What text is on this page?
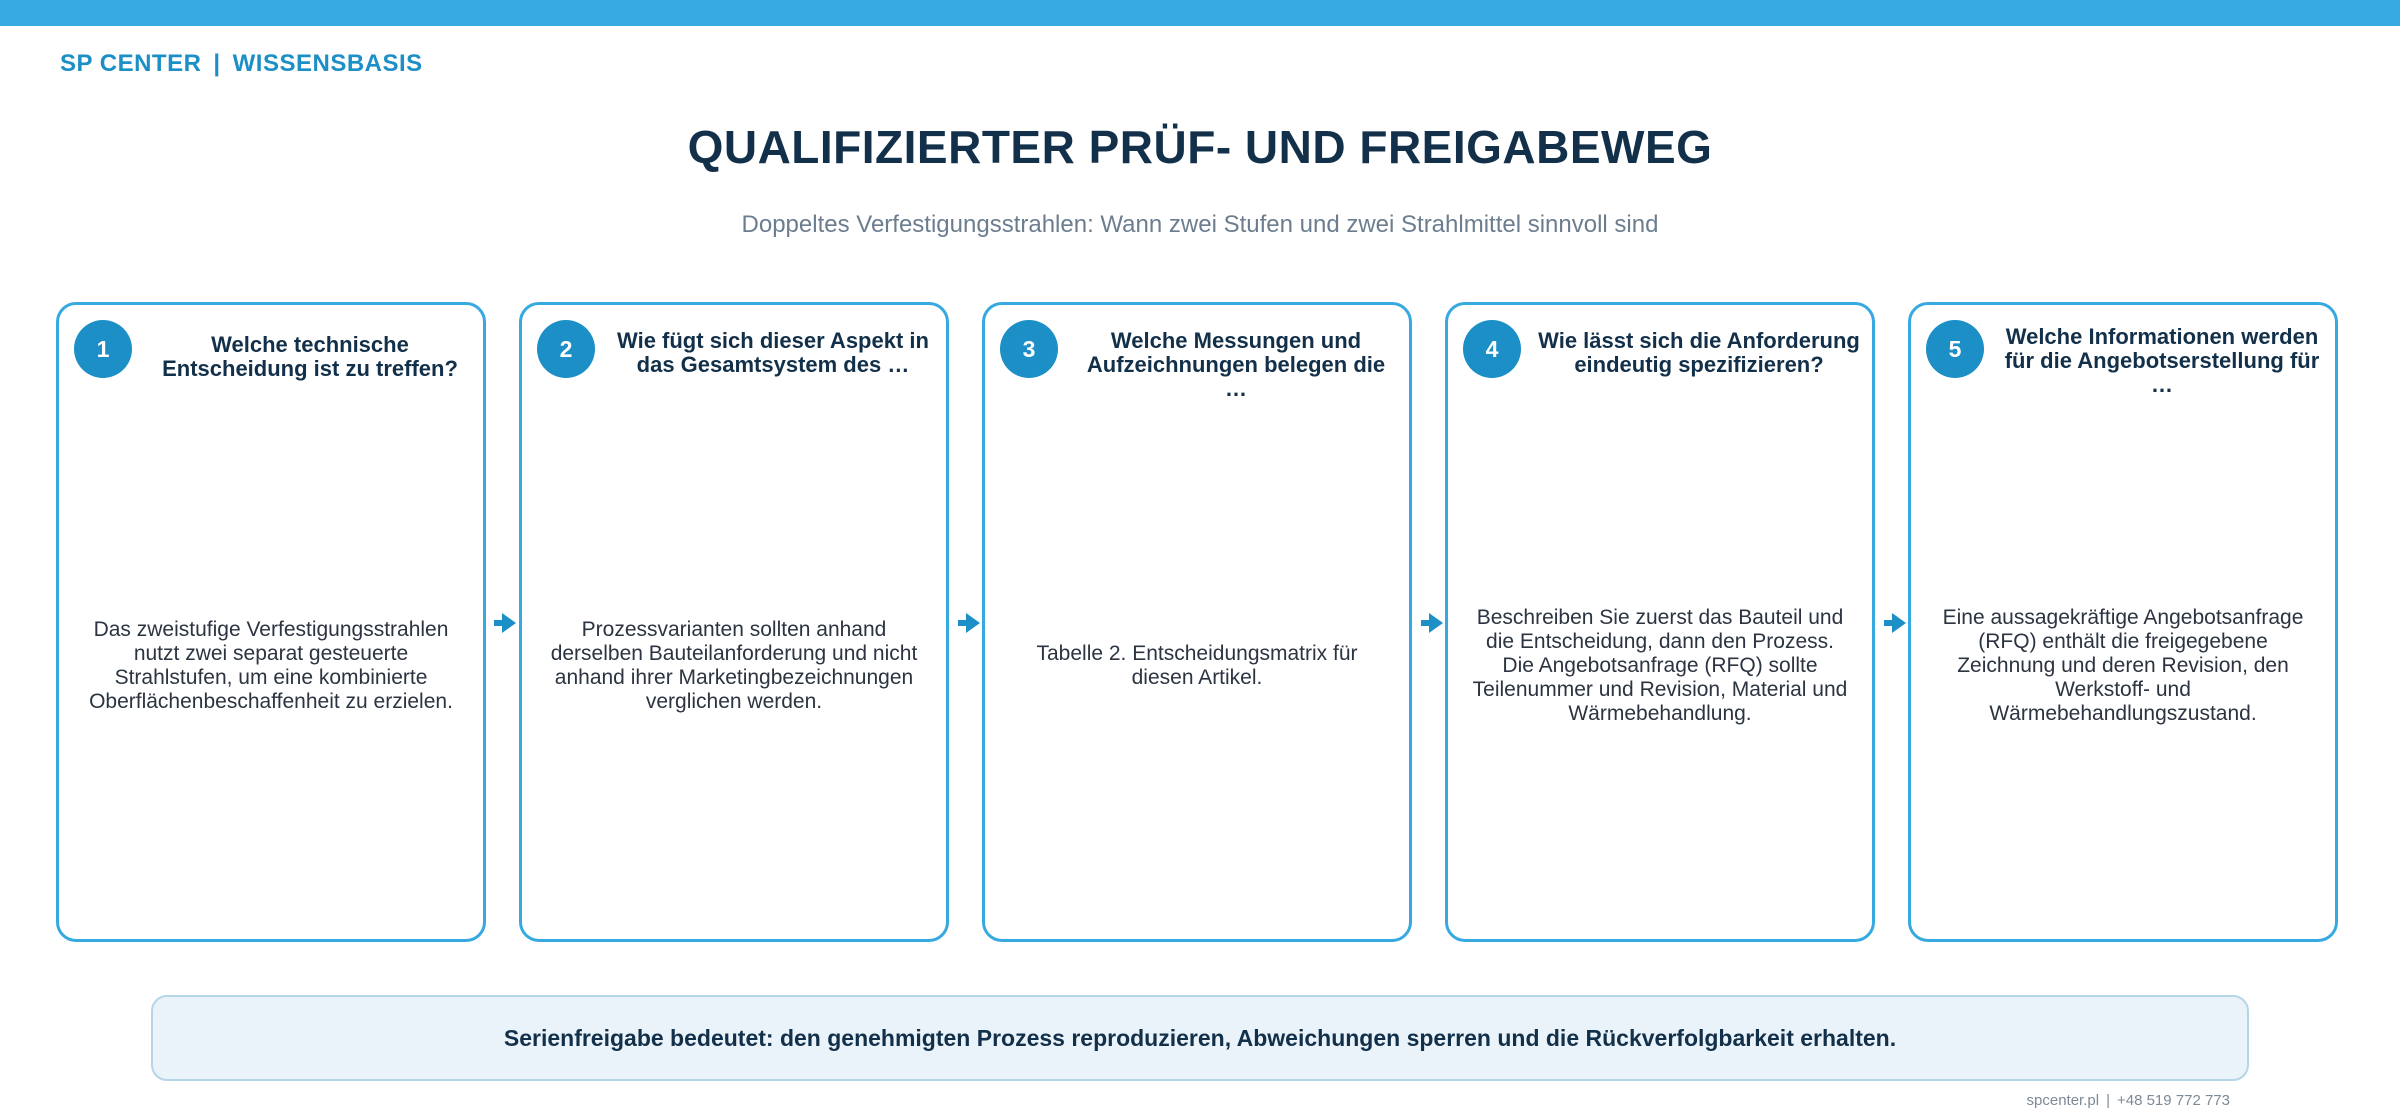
SP CENTER | WISSENSBASIS
QUALIFIZIERTER PRÜF- UND FREIGABEWEG
Doppeltes Verfestigungsstrahlen: Wann zwei Stufen und zwei Strahlmittel sinnvoll sind
1	Welche technische Entscheidung ist zu treffen?
Das zweistufige Verfestigungsstrahlen nutzt zwei separat gesteuerte Strahlstufen, um eine kombinierte Oberflächenbeschaffenheit zu erzielen.
2	Wie fügt sich dieser Aspekt in das Gesamtsystem des …
Prozessvarianten sollten anhand derselben Bauteilanforderung und nicht anhand ihrer Marketingbezeichnungen verglichen werden.
3	Welche Messungen und Aufzeichnungen belegen die …
Tabelle 2. Entscheidungsmatrix für diesen Artikel.
4	Wie lässt sich die Anforderung eindeutig spezifizieren?
Beschreiben Sie zuerst das Bauteil und die Entscheidung, dann den Prozess. Die Angebotsanfrage (RFQ) sollte Teilenummer und Revision, Material und Wärmebehandlung.
5	Welche Informationen werden für die Angebotserstellung für …
Eine aussagekräftige Angebotsanfrage (RFQ) enthält die freigegebene Zeichnung und deren Revision, den Werkstoff- und Wärmebehandlungszustand.
Serienfreigabe bedeutet: den genehmigten Prozess reproduzieren, Abweichungen sperren und die Rückverfolgbarkeit erhalten.
spcenter.pl | +48 519 772 773
